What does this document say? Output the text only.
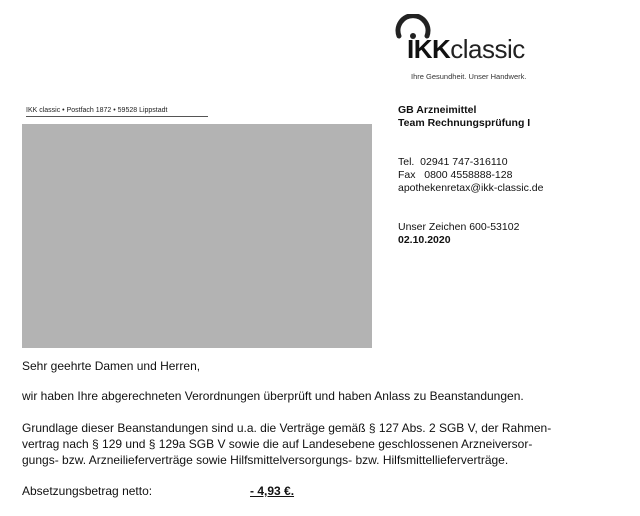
IKKclassic
Ihre Gesundheit. Unser Handwerk.
IKK classic • Postfach 1872 • 59528 Lippstadt	GB Arzneimittel
Team Rechnungsprüfung I
Tel.  02941 747-316110
Fax   0800 4558888-128
apothekenretax@ikk-classic.de
Unser Zeichen 600-53102
02.10.2020
Sehr geehrte Damen und Herren,
wir haben Ihre abgerechneten Verordnungen überprüft und haben Anlass zu Beanstandungen.
Grundlage dieser Beanstandungen sind u.a. die Verträge gemäß § 127 Abs. 2 SGB V, der Rahmen-
vertrag nach § 129 und § 129a SGB V sowie die auf Landesebene geschlossenen Arzneiversor-
gungs- bzw. Arzneilieferverträge sowie Hilfsmittelversorgungs- bzw. Hilfsmittellieferverträge.
Absetzungsbetrag netto:	- 4,93 €.
